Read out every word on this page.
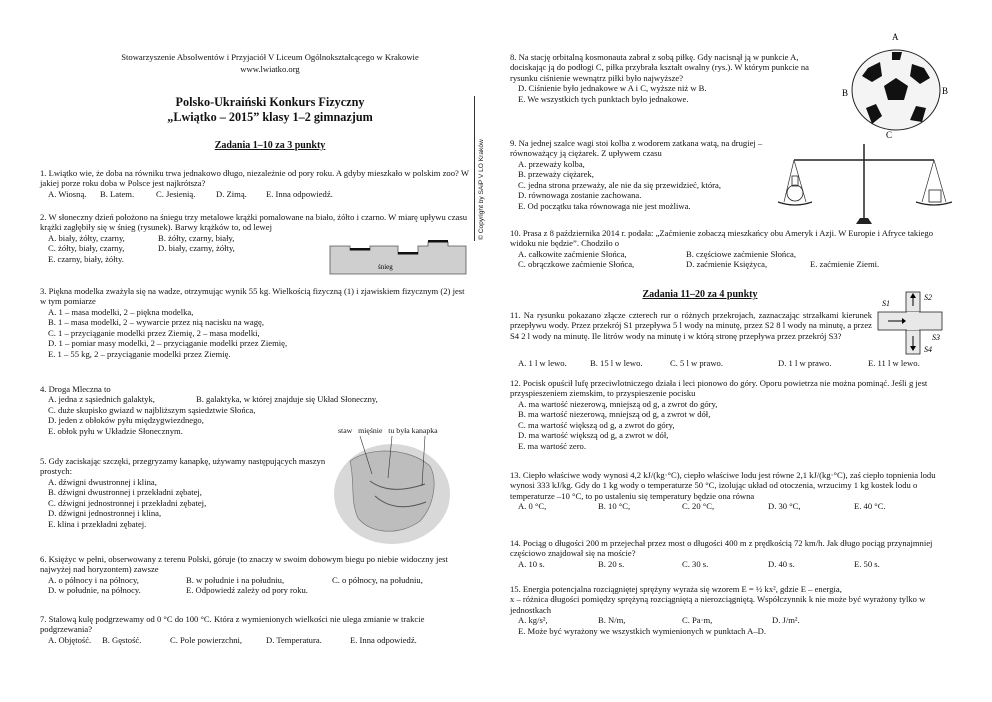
Stowarzyszenie Absolwentów i Przyjaciół V Liceum Ogólnokształcącego w Krakowie
www.lwiatko.org
Polsko-Ukraiński Konkurs Fizyczny
„Lwiątko – 2015” klasy 1–2 gimnazjum
Zadania 1–10 za 3 punkty	© Copyright by SAiP V LO Kraków

1. Lwiątko wie, że doba na równiku trwa jednakowo długo, niezależnie od pory roku. A gdyby mieszkało w polskim zoo? W jakiej porze roku doba w Polsce jest najkrótsza?

A. Wiosną.	B. Latem.	C. Jesienią.	D. Zimą.	E. Inna odpowiedź.

2. W słoneczny dzień położono na śniegu trzy metalowe krążki pomalowane na biało, żółto i czarno. W miarę upływu czasu krążki zagłębiły się w śnieg (rysunek). Barwy krążków to, od lewej

A. biały, żółty, czarny,	B. żółty, czarny, biały,
C. żółty, biały, czarny,	D. biały, czarny, żółty,
E. czarny, biały, żółty.
śnieg

3. Piękna modelka zważyła się na wadze, otrzymując wynik 55 kg. Wielkością fizyczną (1) i zjawiskiem fizycznym (2) jest w tym pomiarze

A. 1 – masa modelki, 2 – piękna modelka,
B. 1 – masa modelki, 2 – wywarcie przez nią nacisku na wagę,
C. 1 – przyciąganie modelki przez Ziemię, 2 – masa modelki,
D. 1 – pomiar masy modelki, 2 – przyciąganie modelki przez Ziemię,
E. 1 – 55 kg, 2 – przyciąganie modelki przez Ziemię.

4. Droga Mleczna to

A. jedna z sąsiednich galaktyk,	B. galaktyka, w której znajduje się Układ Słoneczny,
C. duże skupisko gwiazd w najbliższym sąsiedztwie Słońca,
D. jeden z obłoków pyłu międzygwiezdnego,
E. obłok pyłu w Układzie Słonecznym.	staw mięśnie tu była kanapka

5. Gdy zaciskając szczęki, przegryzamy kanapkę, używamy następujących maszyn prostych:

A. dźwigni dwustronnej i klina,
B. dźwigni dwustronnej i przekładni zębatej,
C. dźwigni jednostronnej i przekładni zębatej,
D. dźwigni jednostronnej i klina,
E. klina i przekładni zębatej.

6. Księżyc w pełni, obserwowany z terenu Polski, góruje (to znaczy w swoim dobowym biegu po niebie widoczny jest najwyżej nad horyzontem) zawsze

A. o północy i na północy,	B. w południe i na południu,	C. o północy, na południu,
D. w południe, na północy.	E. Odpowiedź zależy od pory roku.

7. Stalową kulę podgrzewamy od 0 °C do 100 °C. Która z wymienionych wielkości nie ulega zmianie w trakcie podgrzewania?

A. Objętość.	B. Gęstość.	C. Pole powierzchni,	D. Temperatura.	E. Inna odpowiedź.

8. Na stację orbitalną kosmonauta zabrał z sobą piłkę. Gdy nacisnął ją w punkcie A, dociskając ją do podłogi C, piłka przybrała kształt owalny (rys.). W którym punkcie na rysunku ciśnienie wewnątrz piłki było najwyższe?

D. Ciśnienie było jednakowe w A i C, wyższe niż w B.
E. We wszystkich tych punktach było jednakowe.
A
B	B
C

9. Na jednej szalce wagi stoi kolba z wodorem zatkana watą, na drugiej – równoważący ją ciężarek. Z upływem czasu

A. przeważy kolba,
B. przeważy ciężarek,
C. jedna strona przeważy, ale nie da się przewidzieć, która,
D. równowaga zostanie zachowana.
E. Od początku taka równowaga nie jest możliwa.

10. Prasa z 8 października 2014 r. podała: „Zaćmienie zobaczą mieszkańcy obu Ameryk i Azji. W Europie i Afryce takiego widoku nie będzie”. Chodziło o

A. całkowite zaćmienie Słońca,	B. częściowe zaćmienie Słońca,
C. obrączkowe zaćmienie Słońca,	D. zaćmienie Księżyca,	E. zaćmienie Ziemi.
Zadania 11–20 za 4 punkty

11. Na rysunku pokazano złącze czterech rur o różnych przekrojach, zaznaczając strzałkami kierunek przepływu wody. Przez przekrój S1 przepływa 5 l wody na minutę, przez S2 8 l wody na minutę, a przez S4 2 l wody na minutę. Ile litrów wody na minutę i w którą stronę przepływa przez przekrój S3?

A. 1 l w lewo.	B. 15 l w lewo.	C. 5 l w prawo.	D. 1 l w prawo.	E. 11 l w lewo.
S1
S2
S3
S4

12. Pocisk opuścił lufę przeciwlotniczego działa i leci pionowo do góry. Oporu powietrza nie można pominąć. Jeśli g jest przyspieszeniem ziemskim, to przyspieszenie pocisku

A. ma wartość niezerową, mniejszą od g, a zwrot do góry,
B. ma wartość niezerową, mniejszą od g, a zwrot w dół,
C. ma wartość większą od g, a zwrot do góry,
D. ma wartość większą od g, a zwrot w dół,
E. ma wartość zero.

13. Ciepło właściwe wody wynosi 4,2 kJ/(kg·°C), ciepło właściwe lodu jest równe 2,1 kJ/(kg·°C), zaś ciepło topnienia lodu wynosi 333 kJ/kg. Gdy do 1 kg wody o temperaturze 50 °C, izolując układ od otoczenia, wrzucimy 1 kg kostek lodu o temperaturze –10 °C, to po ustaleniu się temperatury będzie ona równa

A. 0 °C,	B. 10 °C,	C. 20 °C,	D. 30 °C,	E. 40 °C.

14. Pociąg o długości 200 m przejechał przez most o długości 400 m z prędkością 72 km/h. Jak długo pociąg przynajmniej częściowo znajdował się na moście?

A. 10 s.	B. 20 s.	C. 30 s.	D. 40 s.	E. 50 s.

15. Energia potencjalna rozciągniętej sprężyny wyraża się wzorem E = ½ kx², gdzie E – energia,

x – różnica długości pomiędzy sprężyną rozciągniętą a nierozciągniętą. Współczynnik k nie może być wyrażony tylko w jednostkach

A. kg/s²,	B. N/m,	C. Pa·m,	D. J/m².
E. Może być wyrażony we wszystkich wymienionych w punktach A–D.
